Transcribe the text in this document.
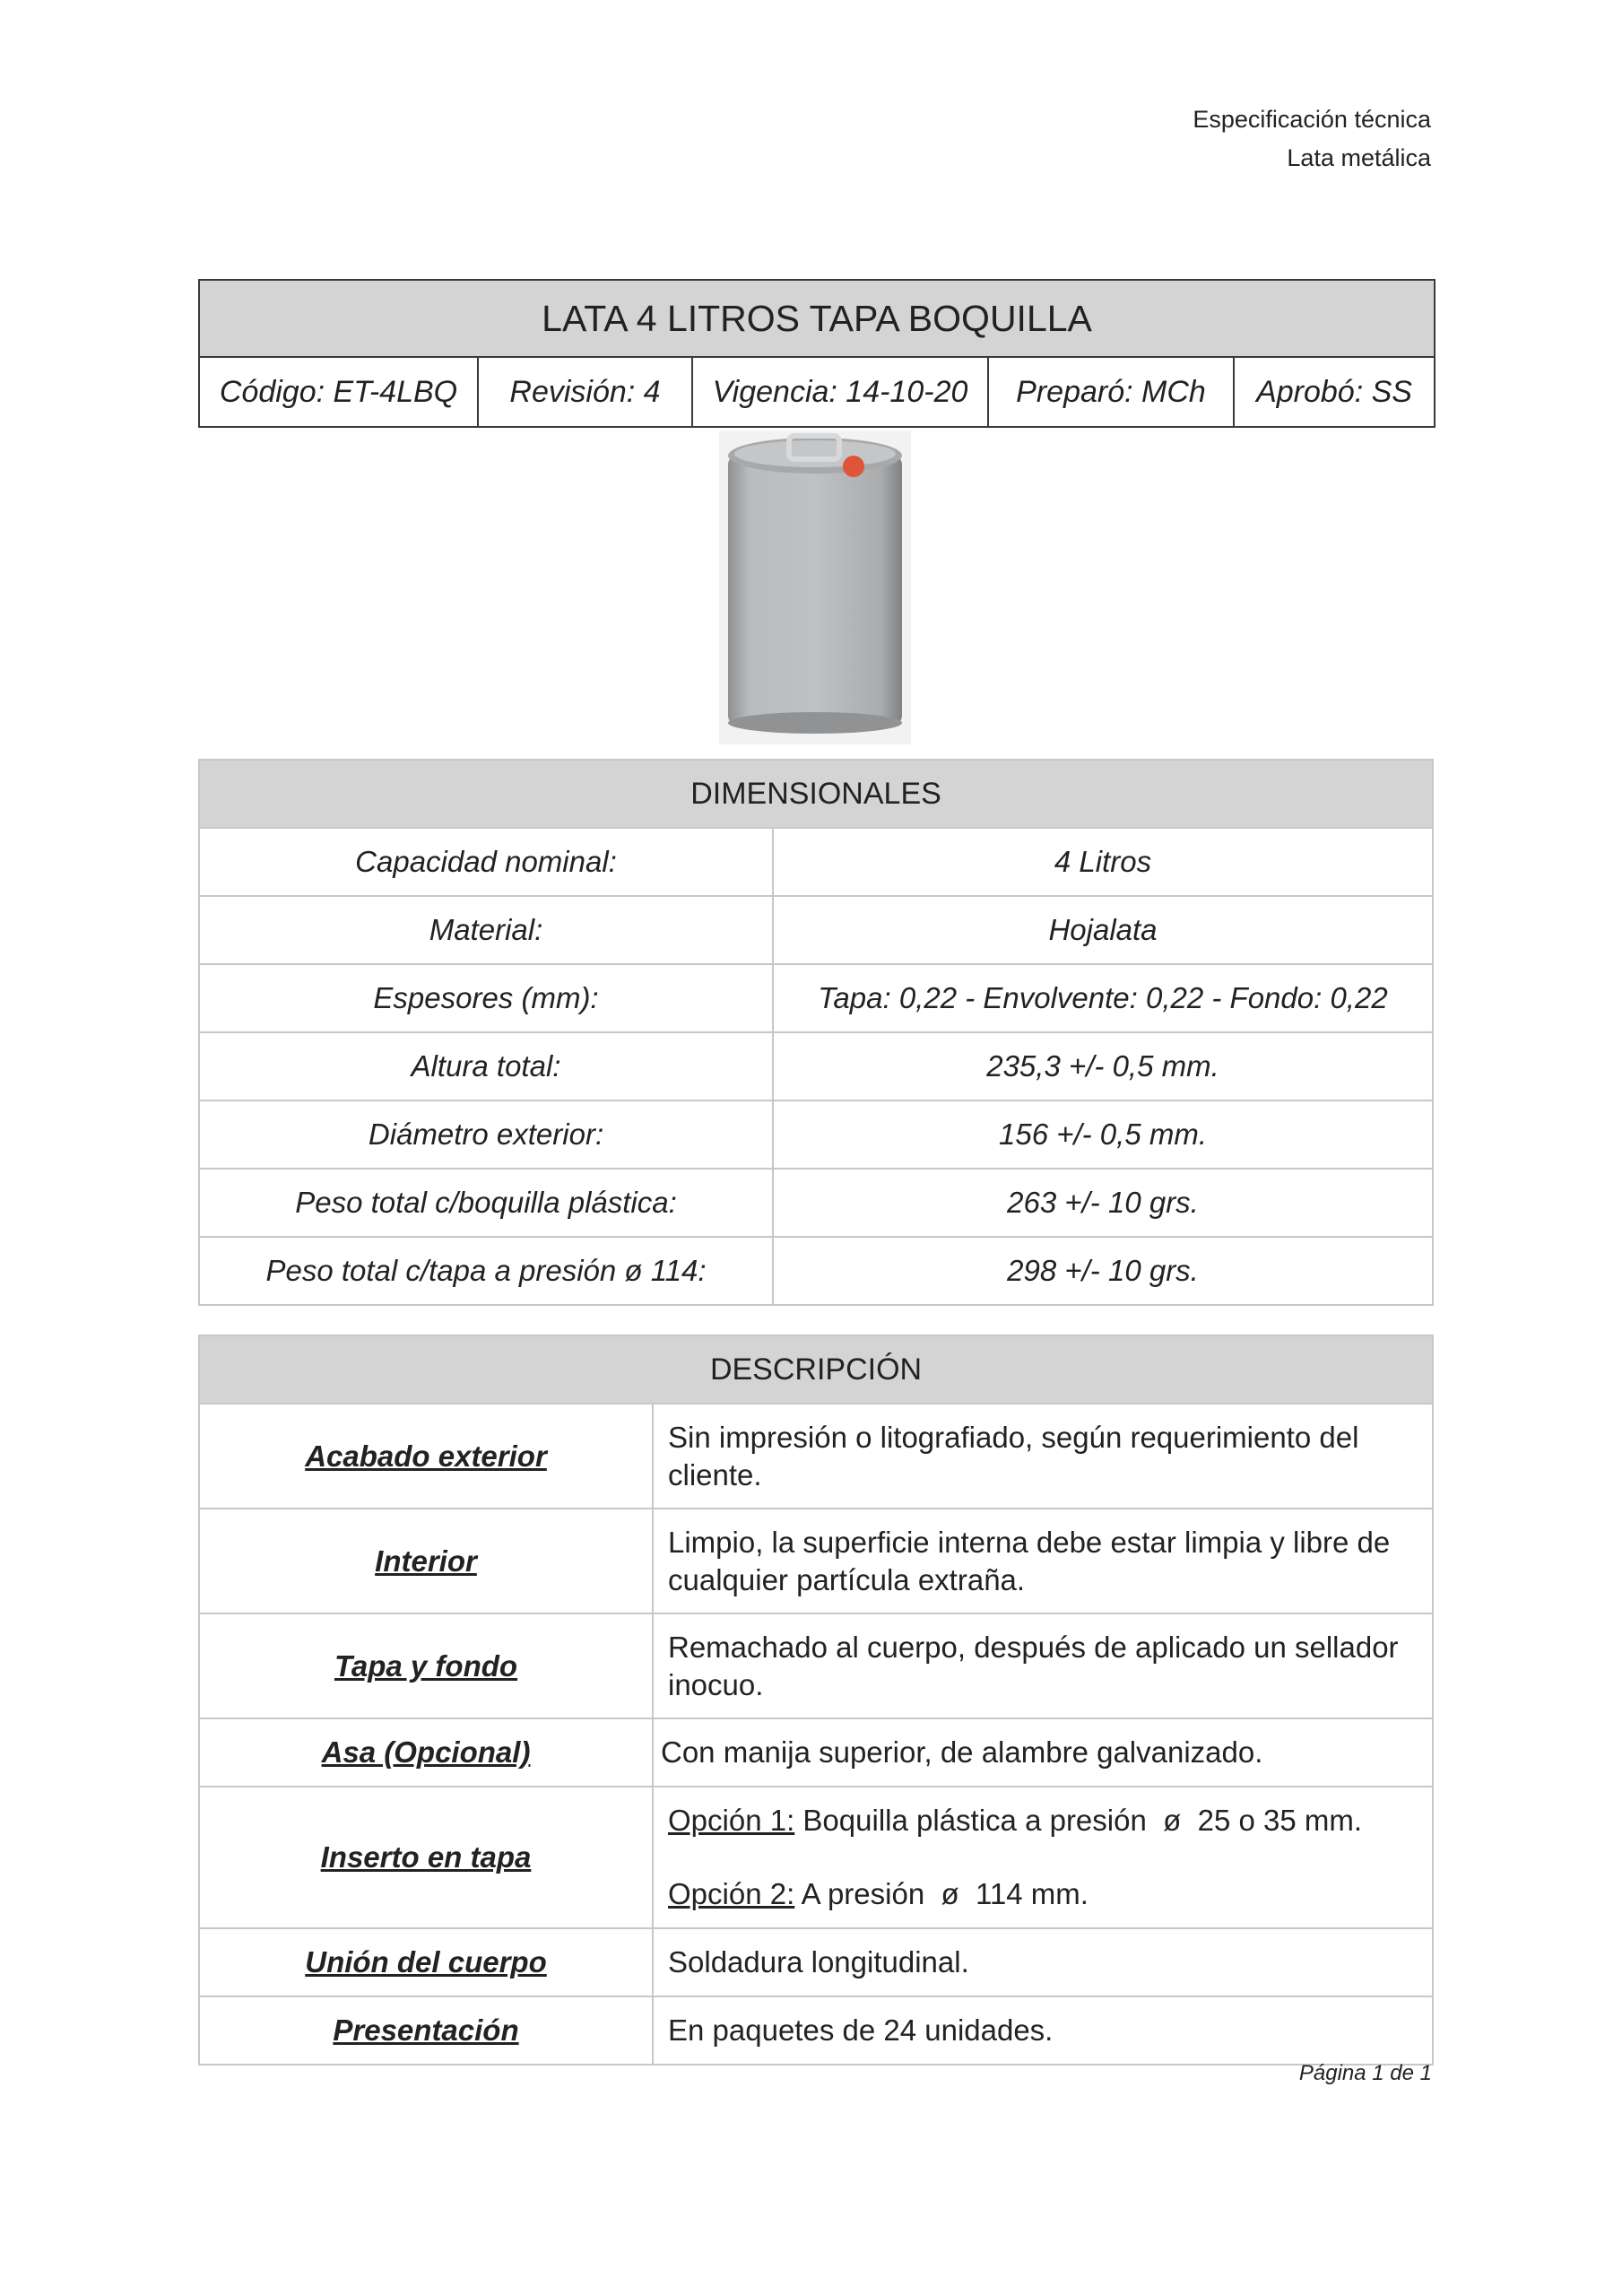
Especificación técnica
Lata metálica
LATA 4 LITROS TAPA BOQUILLA
Código: ET-4LBQ	Revisión: 4	Vigencia: 14-10-20	Preparó: MCh	Aprobó: SS
DIMENSIONALES	
Capacidad nominal:	4 Litros
Material:	Hojalata
Espesores (mm):	Tapa: 0,22 - Envolvente: 0,22 - Fondo: 0,22
Altura total:	235,3 +/- 0,5 mm.
Diámetro exterior:	156 +/- 0,5 mm.
Peso total c/boquilla plástica:	263 +/- 10 grs.
Peso total c/tapa a presión ø 114:	298 +/- 10 grs.
DESCRIPCIÓN	
Acabado exterior	Sin impresión o litografiado, según requerimiento del cliente.
Interior	Limpio, la superficie interna debe estar limpia y libre de cualquier partícula extraña.
Tapa y fondo	Remachado al cuerpo, después de aplicado un sellador inocuo.
Asa (Opcional)	Con manija superior, de alambre galvanizado.
Inserto en tapa	Opción 1: Boquilla plástica a presión  ø  25 o 35 mm.
Opción 2: A presión  ø  114 mm.

Unión del cuerpo	Soldadura longitudinal.
Presentación	En paquetes de 24 unidades.
Página 1 de 1
